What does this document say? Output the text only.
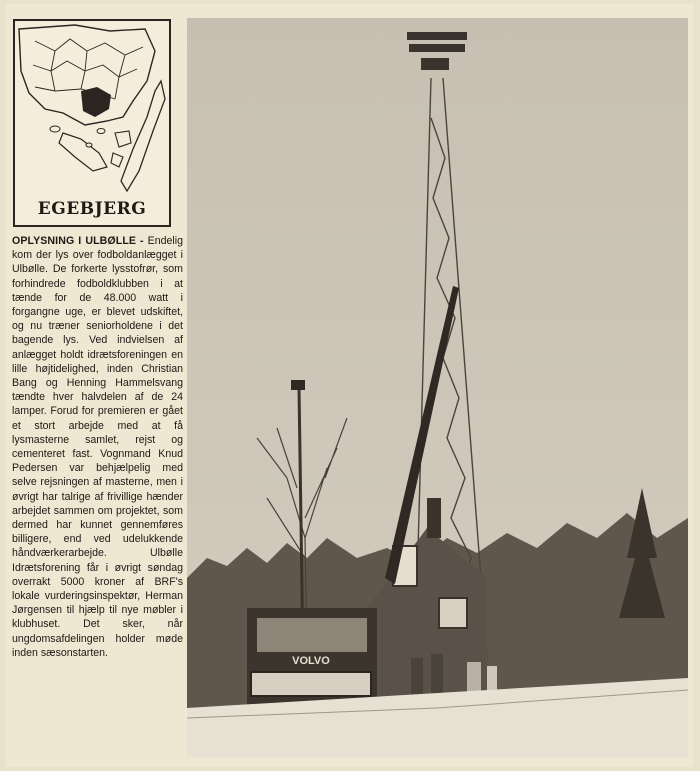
EGEBJERG
OPLYSNING I ULBØLLE - Endelig kom der lys over fodboldanlægget i Ulbølle. De forkerte lysstofrør, som forhindrede fodboldklubben i at tænde for de 48.000 watt i forgangne uge, er blevet udskiftet, og nu træner seniorholdene i det bagende lys. Ved indvielsen af anlægget holdt idrætsforeningen en lille højtidelighed, inden Christian Bang og Henning Hammelsvang tændte hver halvdelen af de 24 lamper. Forud for premieren er gået et stort arbejde med at få lysmasterne samlet, rejst og cementeret fast. Vognmand Knud Pedersen var behjælpelig med selve rejsningen af masterne, men i øvrigt har talrige af frivillige hænder arbejdet sammen om projektet, som dermed har kunnet gennemføres billigere, end ved udelukkende håndværkerarbejde. Ulbølle Idrætsforening får i øvrigt søndag overrakt 5000 kroner af BRF's lokale vurderingsinspektør, Herman Jørgensen til hjælp til nye møbler i klubhuset. Det sker, når ungdomsafdelingen holder møde inden sæsonstarten.
VOLVO
